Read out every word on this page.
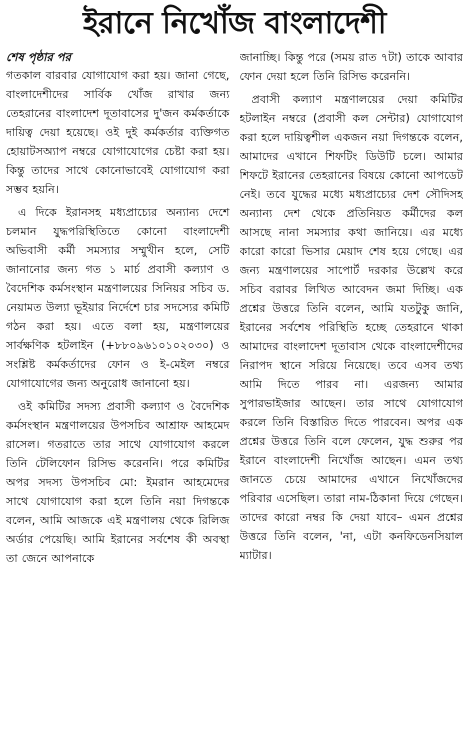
ইরানে নিখোঁজ বাংলাদেশী

শেষ পৃষ্ঠার পর

গতকাল বারবার যোগাযোগ করা হয়। জানা গেছে, বাংলাদেশীদের সার্বিক খোঁজ রাখার জন্য তেহরানের বাংলাদেশ দূতাবাসের দু'জন কর্মকর্তাকে দায়িত্ব দেয়া হয়েছে। ওই দুই কর্মকর্তার ব্যক্তিগত হোয়াটসঅ্যাপ নম্বরে যোগাযোগের চেষ্টা করা হয়। কিন্তু তাদের সাথে কোনোভাবেই যোগাযোগ করা সম্ভব হয়নি।

এ দিকে ইরানসহ মধ্যপ্রাচ্যের অন্যান্য দেশে চলমান যুদ্ধপরিস্থিতিতে কোনো বাংলাদেশী অভিবাসী কর্মী সমস্যার সম্মুখীন হলে, সেটি জানানোর জন্য গত ১ মার্চ প্রবাসী কল্যাণ ও বৈদেশিক কর্মসংস্থান মন্ত্রণালয়ের সিনিয়র সচিব ড. নেয়ামত উল্যা ভূইয়ার নির্দেশে চার সদস্যের কমিটি গঠন করা হয়। এতে বলা হয়, মন্ত্রণালয়ের সার্বক্ষণিক হটলাইন (+৮৮০৯৬১০১০২০৩০) ও সংশ্লিষ্ট কর্মকর্তাদের ফোন ও ই-মেইল নম্বরে যোগাযোগের জন্য অনুরোধ জানানো হয়।

ওই কমিটির সদস্য প্রবাসী কল্যাণ ও বৈদেশিক কর্মসংস্থান মন্ত্রণালয়ের উপসচিব আশ্রাফ আহমেদ রাসেল। গতরাতে তার সাথে যোগাযোগ করলে তিনি টেলিফোন রিসিভ করেননি। পরে কমিটির অপর সদস্য উপসচিব মো: ইমরান আহমেদের সাথে যোগাযোগ করা হলে তিনি নয়া দিগন্তকে বলেন, আমি আজকে এই মন্ত্রণালয় থেকে রিলিজ অর্ডার পেয়েছি। আমি ইরানের সর্বশেষ কী অবস্থা তা জেনে আপনাকে

জানাচ্ছি। কিন্তু পরে (সময় রাত ৭টা) তাকে আবার ফোন দেয়া হলে তিনি রিসিভ করেননি।

প্রবাসী কল্যাণ মন্ত্রণালয়ের দেয়া কমিটির হটলাইন নম্বরে (প্রবাসী কল সেন্টার) যোগাযোগ করা হলে দায়িত্বশীল একজন নয়া দিগন্তকে বলেন, আমাদের এখানে শিফটিং ডিউটি চলে। আমার শিফটে ইরানের তেহরানের বিষয়ে কোনো আপডেট নেই। তবে যুদ্ধের মধ্যে মধ্যপ্রাচ্যের দেশ সৌদিসহ অন্যান্য দেশ থেকে প্রতিনিয়ত কর্মীদের কল আসছে নানা সমস্যার কথা জানিয়ে। এর মধ্যে কারো কারো ভিসার মেয়াদ শেষ হয়ে গেছে। এর জন্য মন্ত্রণালয়ের সাপোর্ট দরকার উল্লেখ করে সচিব বরাবর লিখিত আবেদন জমা দিচ্ছি। এক প্রশ্নের উত্তরে তিনি বলেন, আমি যতটুকু জানি, ইরানের সর্বশেষ পরিস্থিতি হচ্ছে তেহরানে থাকা আমাদের বাংলাদেশ দূতাবাস থেকে বাংলাদেশীদের নিরাপদ স্থানে সরিয়ে নিয়েছে। তবে এসব তথ্য আমি দিতে পারব না। এরজন্য আমার সুপারভাইজার আছেন। তার সাথে যোগাযোগ করলে তিনি বিস্তারিত দিতে পারবেন। অপর এক প্রশ্নের উত্তরে তিনি বলে ফেলেন, যুদ্ধ শুরুর পর ইরানে বাংলাদেশী নিখোঁজ আছেন। এমন তথ্য জানতে চেয়ে আমাদের এখানে নিখোঁজদের পরিবার এসেছিল। তারা নাম-ঠিকানা দিয়ে গেছেন। তাদের কারো নম্বর কি দেয়া যাবে– এমন প্রশ্নের উত্তরে তিনি বলেন, 'না, এটা কনফিডেনসিয়াল ম্যাটার।
